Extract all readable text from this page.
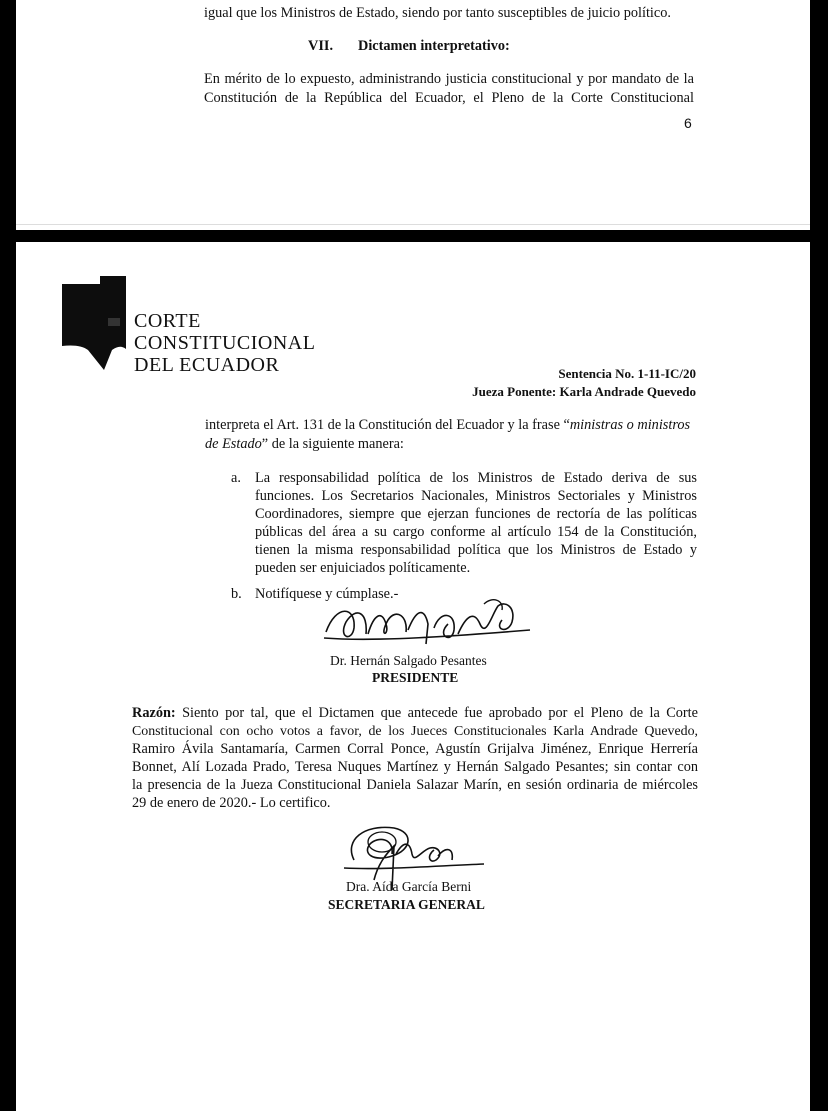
igual que los Ministros de Estado, siendo por tanto susceptibles de juicio político.
VII. Dictamen interpretativo:
En mérito de lo expuesto, administrando justicia constitucional y por mandato de la
Constitución de la República del Ecuador, el Pleno de la Corte Constitucional
6
CORTE
CONSTITUCIONAL
DEL ECUADOR	Sentencia No. 1-11-IC/20
Jueza Ponente: Karla Andrade Quevedo
interpreta el Art. 131 de la Constitución del Ecuador y la frase “ministras o ministros
de Estado” de la siguiente manera:
a. La responsabilidad política de los Ministros de Estado deriva de sus
funciones. Los Secretarios Nacionales, Ministros Sectoriales y Ministros
Coordinadores, siempre que ejerzan funciones de rectoría de las políticas
públicas del área a su cargo conforme al artículo 154 de la Constitución,
tienen la misma responsabilidad política que los Ministros de Estado y
pueden ser enjuiciados políticamente.
b. Notifíquese y cúmplase.-
Dr. Hernán Salgado Pesantes
PRESIDENTE
Razón: Siento por tal, que el Dictamen que antecede fue aprobado por el Pleno de la Corte
Constitucional con ocho votos a favor, de los Jueces Constitucionales Karla Andrade Quevedo,
Ramiro Ávila Santamaría, Carmen Corral Ponce, Agustín Grijalva Jiménez, Enrique Herrería
Bonnet, Alí Lozada Prado, Teresa Nuques Martínez y Hernán Salgado Pesantes; sin contar con
la presencia de la Jueza Constitucional Daniela Salazar Marín, en sesión ordinaria de miércoles
29 de enero de 2020.- Lo certifico.
Dra. Aída García Berni
SECRETARIA GENERAL
